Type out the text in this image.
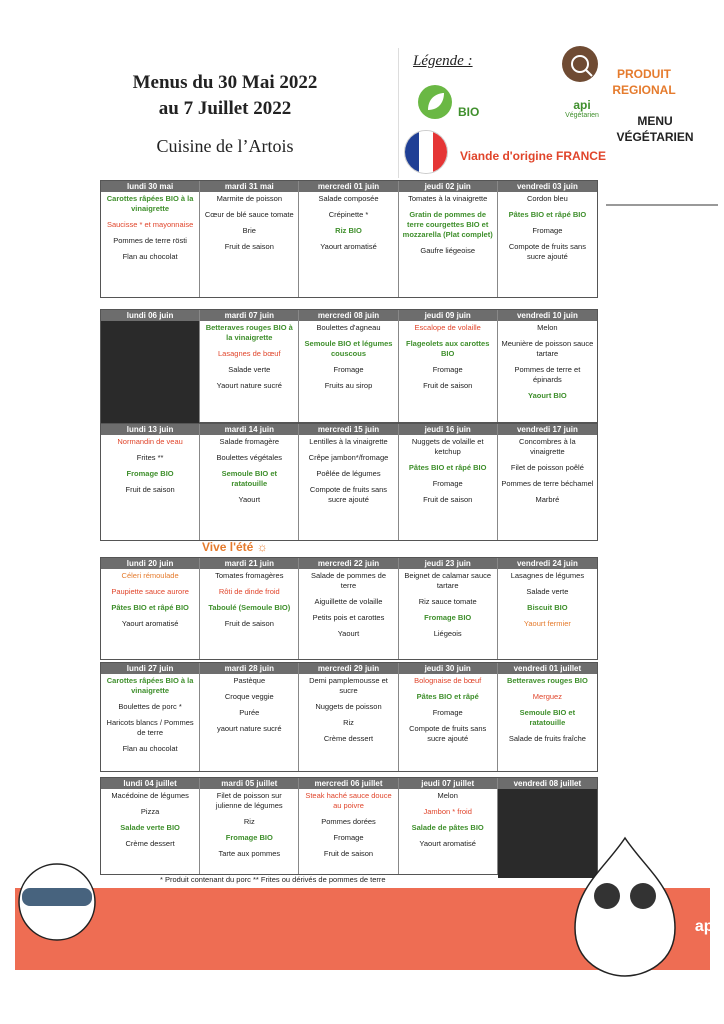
Menus du 30 Mai 2022
au 7 Juillet 2022
Cuisine de l’Artois
Légende :
BIO
Viande d'origine FRANCE
PRODUIT REGIONAL
api
Végétarien	MENU VÉGÉTARIEN
lundi 30 mai
Carottes râpées BIO à la vinaigrette
Saucisse * et mayonnaise
Pommes de terre rösti
Flan au chocolat
mardi 31 mai
Marmite de poisson
Cœur de blé sauce tomate
Brie
Fruit de saison
mercredi 01 juin
Salade composée
Crépinette *
Riz BIO
Yaourt aromatisé
jeudi 02 juin
Tomates à la vinaigrette
Gratin de pommes de terre courgettes BIO et mozzarella (Plat complet)
Gaufre liégeoise
vendredi 03 juin
Cordon bleu
Pâtes BIO et râpé BIO
Fromage
Compote de fruits sans sucre ajouté
lundi 06 juin	mardi 07 juin
Betteraves rouges BIO à la vinaigrette
Lasagnes de bœuf
Salade verte
Yaourt nature sucré
mercredi 08 juin
Boulettes d'agneau
Semoule BIO et légumes couscous
Fromage
Fruits au sirop
jeudi 09 juin
Escalope de volaille
Flageolets aux carottes BIO
Fromage
Fruit de saison
vendredi 10 juin
Melon
Meunière de poisson sauce tartare
Pommes de terre et épinards
Yaourt BIO
lundi 13 juin
Normandin de veau
Frites **
Fromage BIO
Fruit de saison
mardi 14 juin
Salade fromagère
Boulettes végétales
Semoule BIO et ratatouille
Yaourt
mercredi 15 juin
Lentilles à la vinaigrette
Crêpe jambon*/fromage
Poêlée de légumes
Compote de fruits sans sucre ajouté
jeudi 16 juin
Nuggets de volaille et ketchup
Pâtes BIO et râpé BIO
Fromage
Fruit de saison
vendredi 17 juin
Concombres à la vinaigrette
Filet de poisson poêlé
Pommes de terre béchamel
Marbré
lundi 20 juin
Céleri rémoulade
Paupiette sauce aurore
Pâtes BIO et râpé BIO
Yaourt aromatisé
mardi 21 juin
Tomates fromagères
Rôti de dinde froid
Taboulé (Semoule BIO)
Fruit de saison
mercredi 22 juin
Salade de pommes de terre
Aiguillette de volaille
Petits pois et carottes
Yaourt
jeudi 23 juin
Beignet de calamar sauce tartare
Riz sauce tomate
Fromage BIO
Liégeois
vendredi 24 juin
Lasagnes de légumes
Salade verte
Biscuit BIO
Yaourt fermier
lundi 27 juin
Carottes râpées BIO à la vinaigrette
Boulettes de porc *
Haricots blancs / Pommes de terre
Flan au chocolat
mardi 28 juin
Pastèque
Croque veggie
Purée
yaourt nature sucré
mercredi 29 juin
Demi pamplemousse et sucre
Nuggets de poisson
Riz
Crème dessert
jeudi 30 juin
Bolognaise de bœuf
Pâtes BIO et râpé
Fromage
Compote de fruits sans sucre ajouté
vendredi 01 juillet
Betteraves rouges BIO
Merguez
Semoule BIO et ratatouille
Salade de fruits fraîche
lundi 04 juillet
Macédoine de légumes
Pizza
Salade verte BIO
Crème dessert
mardi 05 juillet
Filet de poisson sur julienne de légumes
Riz
Fromage BIO
Tarte aux pommes
mercredi 06 juillet
Steak haché sauce douce au poivre
Pommes dorées
Fromage
Fruit de saison
jeudi 07 juillet
Melon
Jambon * froid
Salade de pâtes BIO
Yaourt aromatisé
vendredi 08 juillet
Vive l'été ☼
* Produit contenant du porc ** Frites ou dérivés de pommes de terre
api
